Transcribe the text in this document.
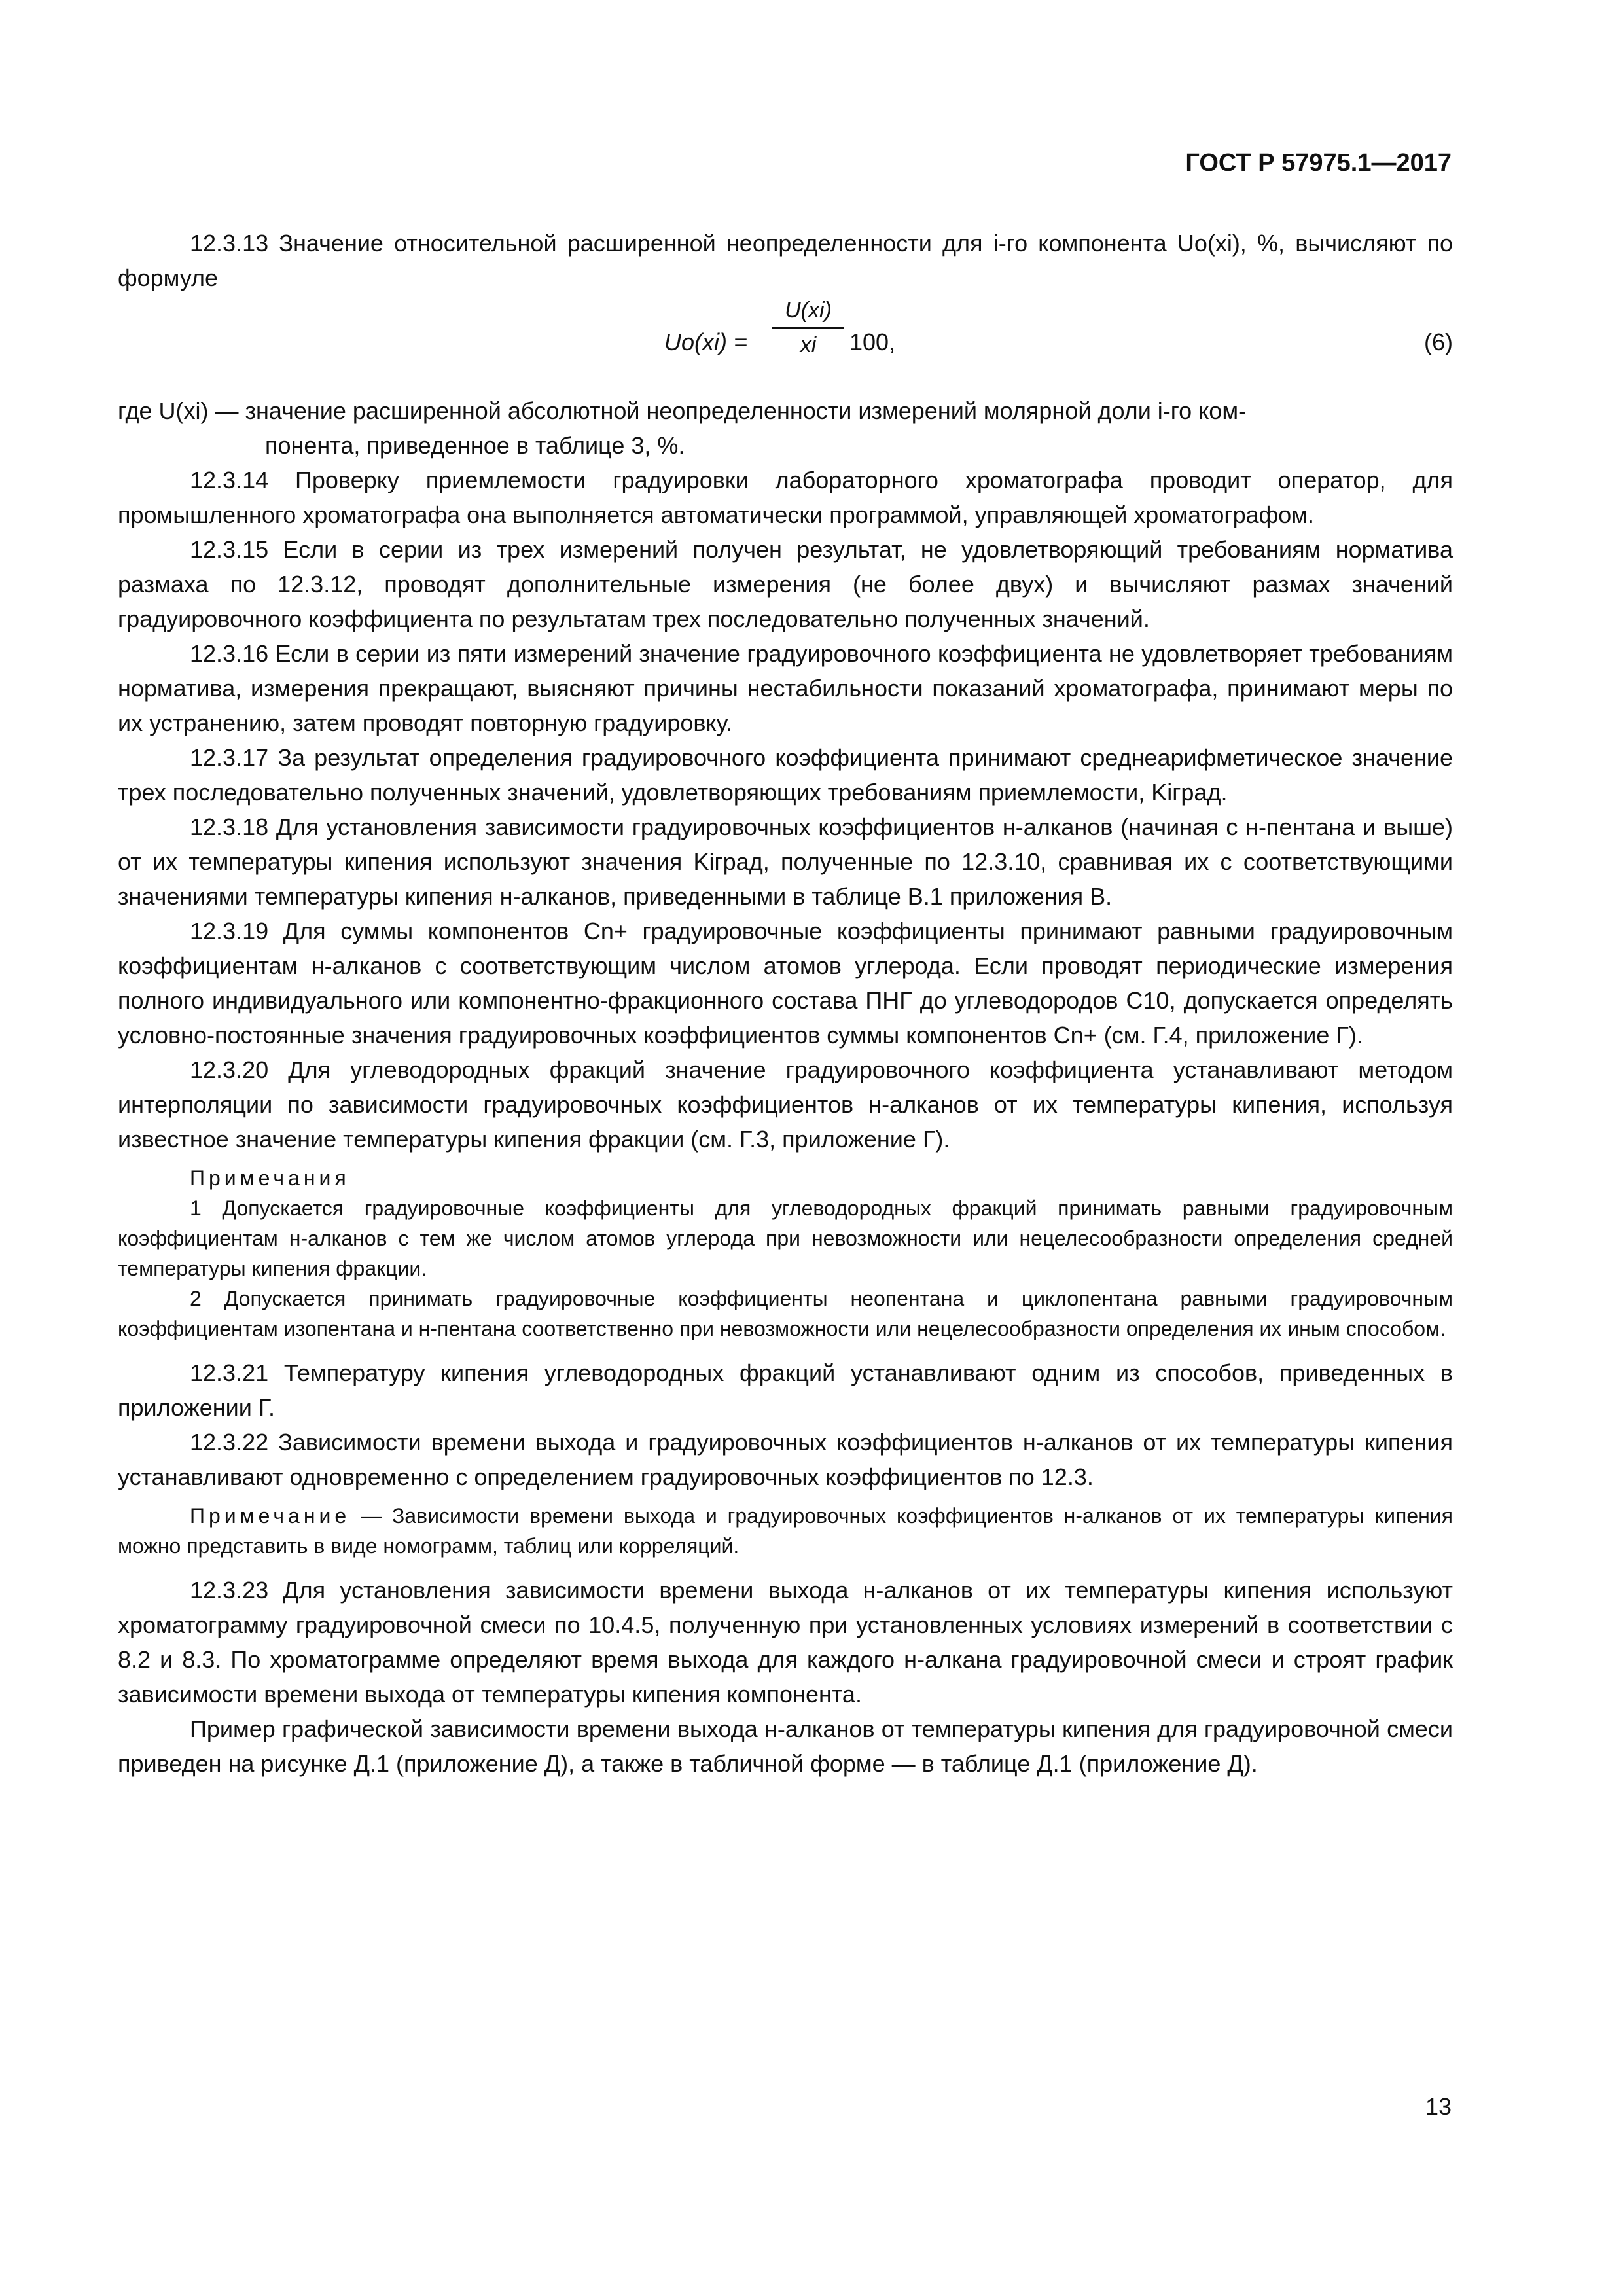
ГОСТ Р 57975.1—2017

12.3.13 Значение относительной расширенной неопределенности для i-го компонента Uo(xi), %, вычисляют по формуле

Uо(xi) =
U(xi)
xi	100,	(6)
где U(xi) — значение расширенной абсолютной неопределенности измерений молярной доли i-го ком-
понента, приведенное в таблице 3, %.

12.3.14 Проверку приемлемости градуировки лабораторного хроматографа проводит оператор, для промышленного хроматографа она выполняется автоматически программой, управляющей хроматографом.

12.3.15 Если в серии из трех измерений получен результат, не удовлетворяющий требованиям норматива размаха по 12.3.12, проводят дополнительные измерения (не более двух) и вычисляют размах значений градуировочного коэффициента по результатам трех последовательно полученных значений.

12.3.16 Если в серии из пяти измерений значение градуировочного коэффициента не удовлетворяет требованиям норматива, измерения прекращают, выясняют причины нестабильности показаний хроматографа, принимают меры по их устранению, затем проводят повторную градуировку.

12.3.17 За результат определения градуировочного коэффициента принимают среднеарифметическое значение трех последовательно полученных значений, удовлетворяющих требованиям приемлемости, Kiград.

12.3.18 Для установления зависимости градуировочных коэффициентов н-алканов (начиная с н-пентана и выше) от их температуры кипения используют значения Kiград, полученные по 12.3.10, сравнивая их с соответствующими значениями температуры кипения н-алканов, приведенными в таблице В.1 приложения В.

12.3.19 Для суммы компонентов Cn+ градуировочные коэффициенты принимают равными градуировочным коэффициентам н-алканов с соответствующим числом атомов углерода. Если проводят периодические измерения полного индивидуального или компонентно-фракционного состава ПНГ до углеводородов C10, допускается определять условно-постоянные значения градуировочных коэффициентов суммы компонентов Cn+ (см. Г.4, приложение Г).

12.3.20 Для углеводородных фракций значение градуировочного коэффициента устанавливают методом интерполяции по зависимости градуировочных коэффициентов н-алканов от их температуры кипения, используя известное значение температуры кипения фракции (см. Г.3, приложение Г).

Примечания

1 Допускается градуировочные коэффициенты для углеводородных фракций принимать равными градуировочным коэффициентам н-алканов с тем же числом атомов углерода при невозможности или нецелесообразности определения средней температуры кипения фракции.

2 Допускается принимать градуировочные коэффициенты неопентана и циклопентана равными градуировочным коэффициентам изопентана и н-пентана соответственно при невозможности или нецелесообразности определения их иным способом.

12.3.21 Температуру кипения углеводородных фракций устанавливают одним из способов, приведенных в приложении Г.

12.3.22 Зависимости времени выхода и градуировочных коэффициентов н-алканов от их температуры кипения устанавливают одновременно с определением градуировочных коэффициентов по 12.3.

Примечание — Зависимости времени выхода и градуировочных коэффициентов н-алканов от их температуры кипения можно представить в виде номограмм, таблиц или корреляций.

12.3.23 Для установления зависимости времени выхода н-алканов от их температуры кипения используют хроматограмму градуировочной смеси по 10.4.5, полученную при установленных условиях измерений в соответствии с 8.2 и 8.3. По хроматограмме определяют время выхода для каждого н-алкана градуировочной смеси и строят график зависимости времени выхода от температуры кипения компонента.

Пример графической зависимости времени выхода н-алканов от температуры кипения для градуировочной смеси приведен на рисунке Д.1 (приложение Д), а также в табличной форме — в таблице Д.1 (приложение Д).

13
